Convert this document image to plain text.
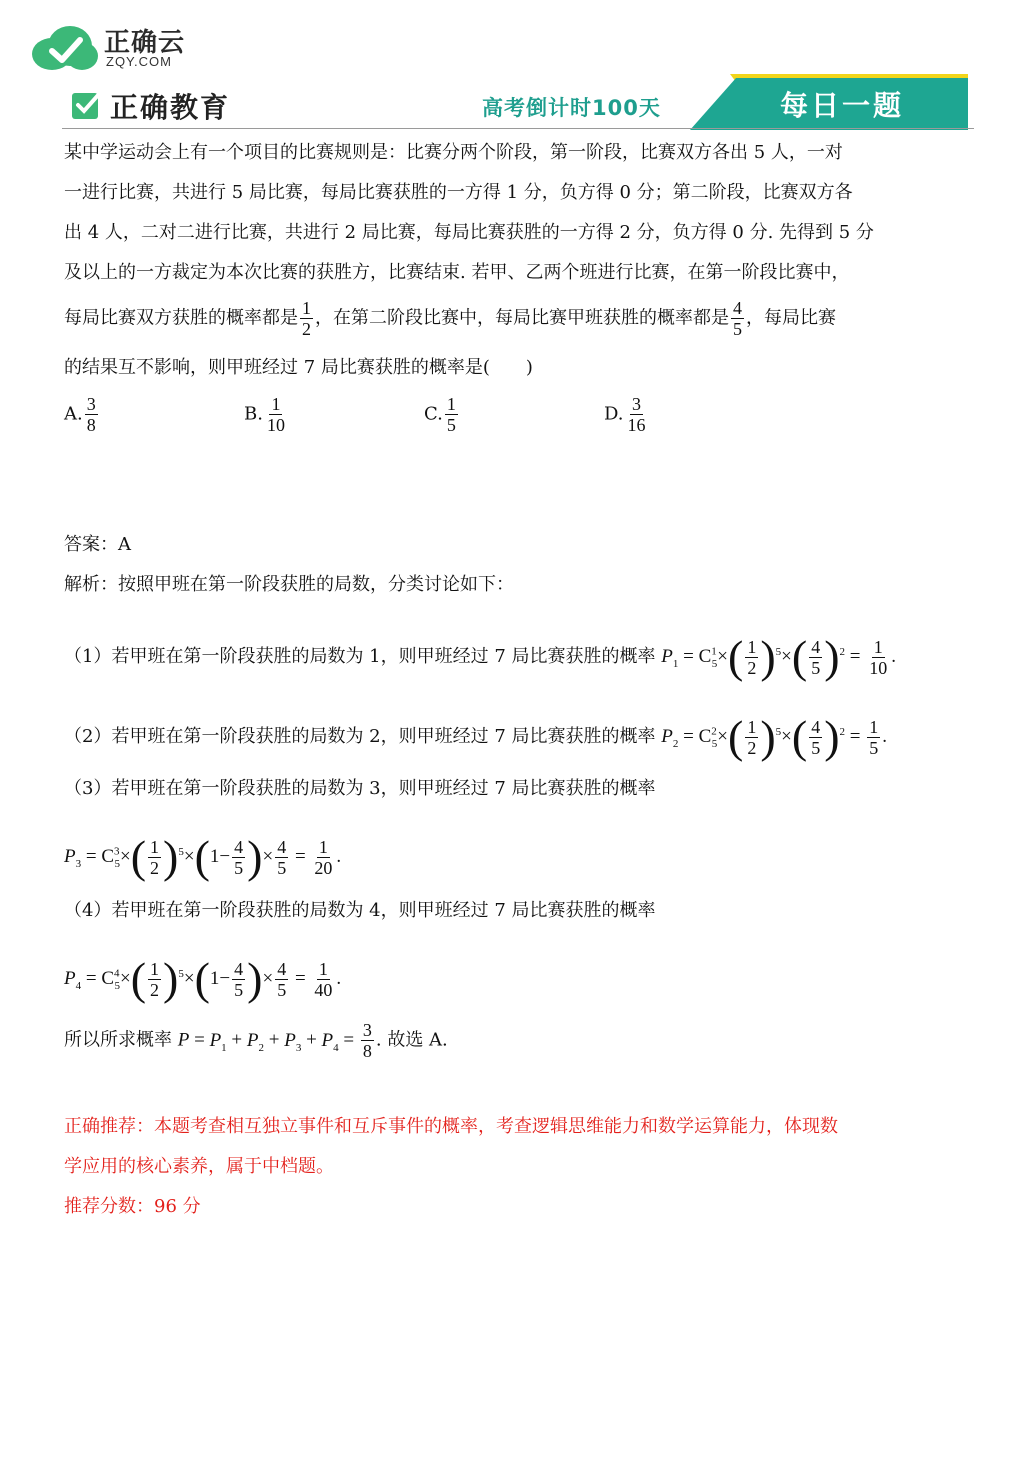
正确云
ZQY.COM
正确教育	高考倒计时100天	每日一题
某中学运动会上有一个项目的比赛规则是：比赛分两个阶段，第一阶段，比赛双方各出 5 人，一对
一进行比赛，共进行 5 局比赛，每局比赛获胜的一方得 1 分，负方得 0 分；第二阶段，比赛双方各
出 4 人，二对二进行比赛，共进行 2 局比赛，每局比赛获胜的一方得 2 分，负方得 0 分. 先得到 5 分
及以上的一方裁定为本次比赛的获胜方，比赛结束. 若甲、乙两个班进行比赛，在第一阶段比赛中，
每局比赛双方获胜的概率都是 $\frac{1}{2}$ ，在第二阶段比赛中，每局比赛甲班获胜的概率都是 $\frac{4}{5}$ ，每局比赛
的结果互不影响，则甲班经过 7 局比赛获胜的概率是(　　)
A. $\frac{3}{8}$	B. $\frac{1}{10}$	C. $\frac{1}{5}$	D. $\frac{3}{16}$
答案：A
解析：按照甲班在第一阶段获胜的局数，分类讨论如下：
（1）若甲班在第一阶段获胜的局数为 1，则甲班经过 7 局比赛获胜的概率 $P_1 = C^1_5\times( \frac{1}{2} )^5\times( \frac{4}{5} )^2 = \frac{1}{10}$ .
（2）若甲班在第一阶段获胜的局数为 2，则甲班经过 7 局比赛获胜的概率 $P_2 = C^2_5\times( \frac{1}{2} )^5\times( \frac{4}{5} )^2 = \frac{1}{5}$ .
（3）若甲班在第一阶段获胜的局数为 3，则甲班经过 7 局比赛获胜的概率
$P_3 = C^3_5\times( \frac{1}{2} )^5\times(1- \frac{4}{5}$ )× $\frac{4}{5} = \frac{1}{20}$ .
（4）若甲班在第一阶段获胜的局数为 4，则甲班经过 7 局比赛获胜的概率
$P_4 = C^4_5\times( \frac{1}{2} )^5\times(1- \frac{4}{5}$ )× $\frac{4}{5} = \frac{1}{40}$ .
所以所求概率 $P = P_1 + P_2 + P_3 + P_4 = \frac{3}{8}$ . 故选 A.
正确推荐：本题考查相互独立事件和互斥事件的概率，考查逻辑思维能力和数学运算能力，体现数
学应用的核心素养，属于中档题。
推荐分数：96 分
